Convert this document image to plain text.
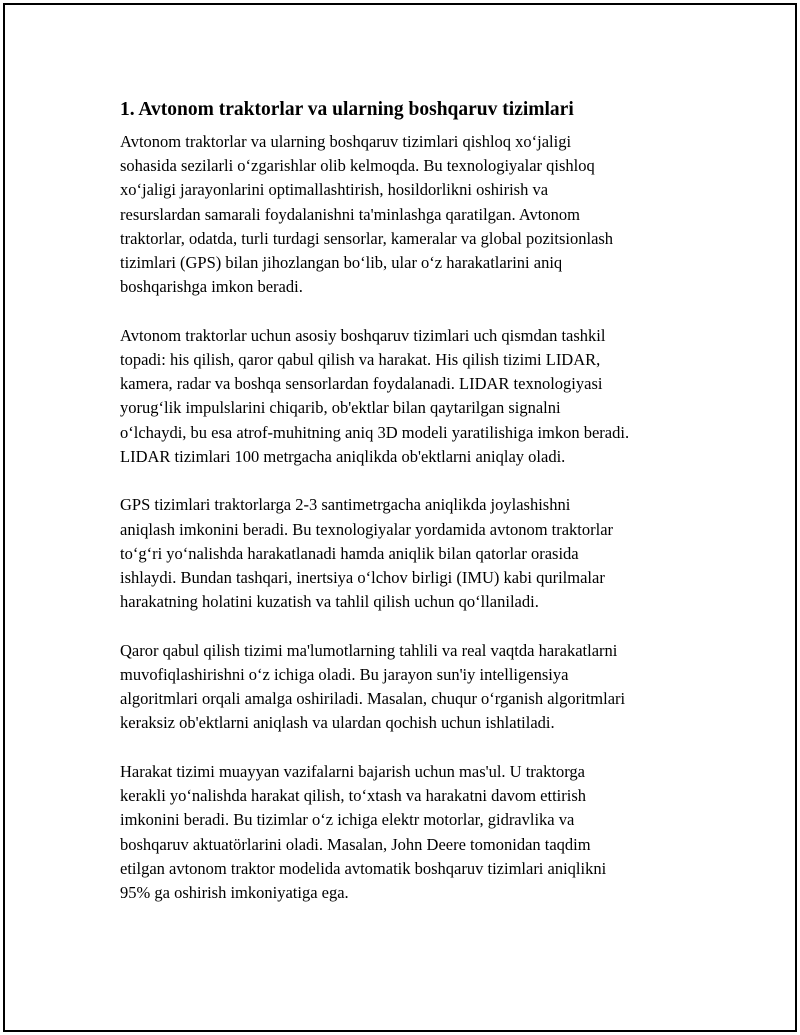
1. Avtonom traktorlar va ularning boshqaruv tizimlari

Avtonom traktorlar va ularning boshqaruv tizimlari qishloq xoʻjaligi
sohasida sezilarli oʻzgarishlar olib kelmoqda. Bu texnologiyalar qishloq
xoʻjaligi jarayonlarini optimallashtirish, hosildorlikni oshirish va
resurslardan samarali foydalanishni ta'minlashga qaratilgan. Avtonom
traktorlar, odatda, turli turdagi sensorlar, kameralar va global pozitsionlash
tizimlari (GPS) bilan jihozlangan boʻlib, ular oʻz harakatlarini aniq
boshqarishga imkon beradi.

Avtonom traktorlar uchun asosiy boshqaruv tizimlari uch qismdan tashkil
topadi: his qilish, qaror qabul qilish va harakat. His qilish tizimi LIDAR,
kamera, radar va boshqa sensorlardan foydalanadi. LIDAR texnologiyasi
yorugʻlik impulslarini chiqarib, ob'ektlar bilan qaytarilgan signalni
oʻlchaydi, bu esa atrof-muhitning aniq 3D modeli yaratilishiga imkon beradi.
LIDAR tizimlari 100 metrgacha aniqlikda ob'ektlarni aniqlay oladi.

GPS tizimlari traktorlarga 2-3 santimetrgacha aniqlikda joylashishni
aniqlash imkonini beradi. Bu texnologiyalar yordamida avtonom traktorlar
toʻgʻri yoʻnalishda harakatlanadi hamda aniqlik bilan qatorlar orasida
ishlaydi. Bundan tashqari, inertsiya oʻlchov birligi (IMU) kabi qurilmalar
harakatning holatini kuzatish va tahlil qilish uchun qoʻllaniladi.

Qaror qabul qilish tizimi ma'lumotlarning tahlili va real vaqtda harakatlarni
muvofiqlashirishni oʻz ichiga oladi. Bu jarayon sun'iy intelligensiya
algoritmlari orqali amalga oshiriladi. Masalan, chuqur oʻrganish algoritmlari
keraksiz ob'ektlarni aniqlash va ulardan qochish uchun ishlatiladi.

Harakat tizimi muayyan vazifalarni bajarish uchun mas'ul. U traktorga
kerakli yoʻnalishda harakat qilish, toʻxtash va harakatni davom ettirish
imkonini beradi. Bu tizimlar oʻz ichiga elektr motorlar, gidravlika va
boshqaruv aktuatörlarini oladi. Masalan, John Deere tomonidan taqdim
etilgan avtonom traktor modelida avtomatik boshqaruv tizimlari aniqlikni
95% ga oshirish imkoniyatiga ega.
